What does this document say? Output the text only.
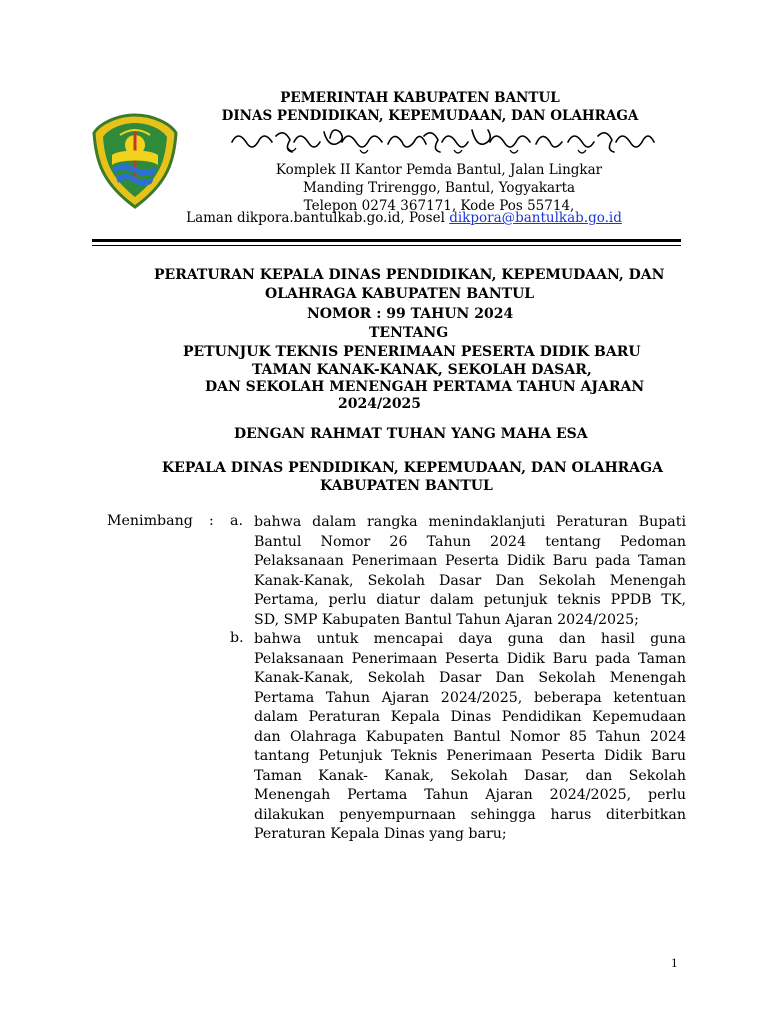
PEMERINTAH KABUPATEN BANTUL
DINAS PENDIDIKAN, KEPEMUDAAN, DAN OLAHRAGA
Komplek II Kantor Pemda Bantul, Jalan Lingkar
Manding Trirenggo, Bantul, Yogyakarta
Telepon 0274 367171, Kode Pos 55714,
Laman dikpora.bantulkab.go.id, Posel dikpora@bantulkab.go.id
PERATURAN KEPALA DINAS PENDIDIKAN, KEPEMUDAAN, DAN
OLAHRAGA KABUPATEN BANTUL
NOMOR : 99 TAHUN 2024
TENTANG
PETUNJUK TEKNIS PENERIMAAN PESERTA DIDIK BARU
TAMAN KANAK-KANAK, SEKOLAH DASAR,
DAN SEKOLAH MENENGAH PERTAMA TAHUN AJARAN
2024/2025
DENGAN RAHMAT TUHAN YANG MAHA ESA
KEPALA DINAS PENDIDIKAN, KEPEMUDAAN, DAN OLAHRAGA
KABUPATEN BANTUL
Menimbang : a.
b.
bahwa dalam rangka menindaklanjuti Peraturan Bupati
Bantul Nomor 26 Tahun 2024 tentang Pedoman
Pelaksanaan Penerimaan Peserta Didik Baru pada Taman
Kanak-Kanak, Sekolah Dasar Dan Sekolah Menengah
Pertama, perlu diatur dalam petunjuk teknis PPDB TK,
SD, SMP Kabupaten Bantul Tahun Ajaran 2024/2025;
bahwa untuk mencapai daya guna dan hasil guna
Pelaksanaan Penerimaan Peserta Didik Baru pada Taman
Kanak-Kanak, Sekolah Dasar Dan Sekolah Menengah
Pertama Tahun Ajaran 2024/2025, beberapa ketentuan
dalam Peraturan Kepala Dinas Pendidikan Kepemudaan
dan Olahraga Kabupaten Bantul Nomor 85 Tahun 2024
tantang Petunjuk Teknis Penerimaan Peserta Didik Baru
Taman Kanak- Kanak, Sekolah Dasar, dan Sekolah
Menengah Pertama Tahun Ajaran 2024/2025, perlu
dilakukan penyempurnaan sehingga harus diterbitkan
Peraturan Kepala Dinas yang baru;
1
